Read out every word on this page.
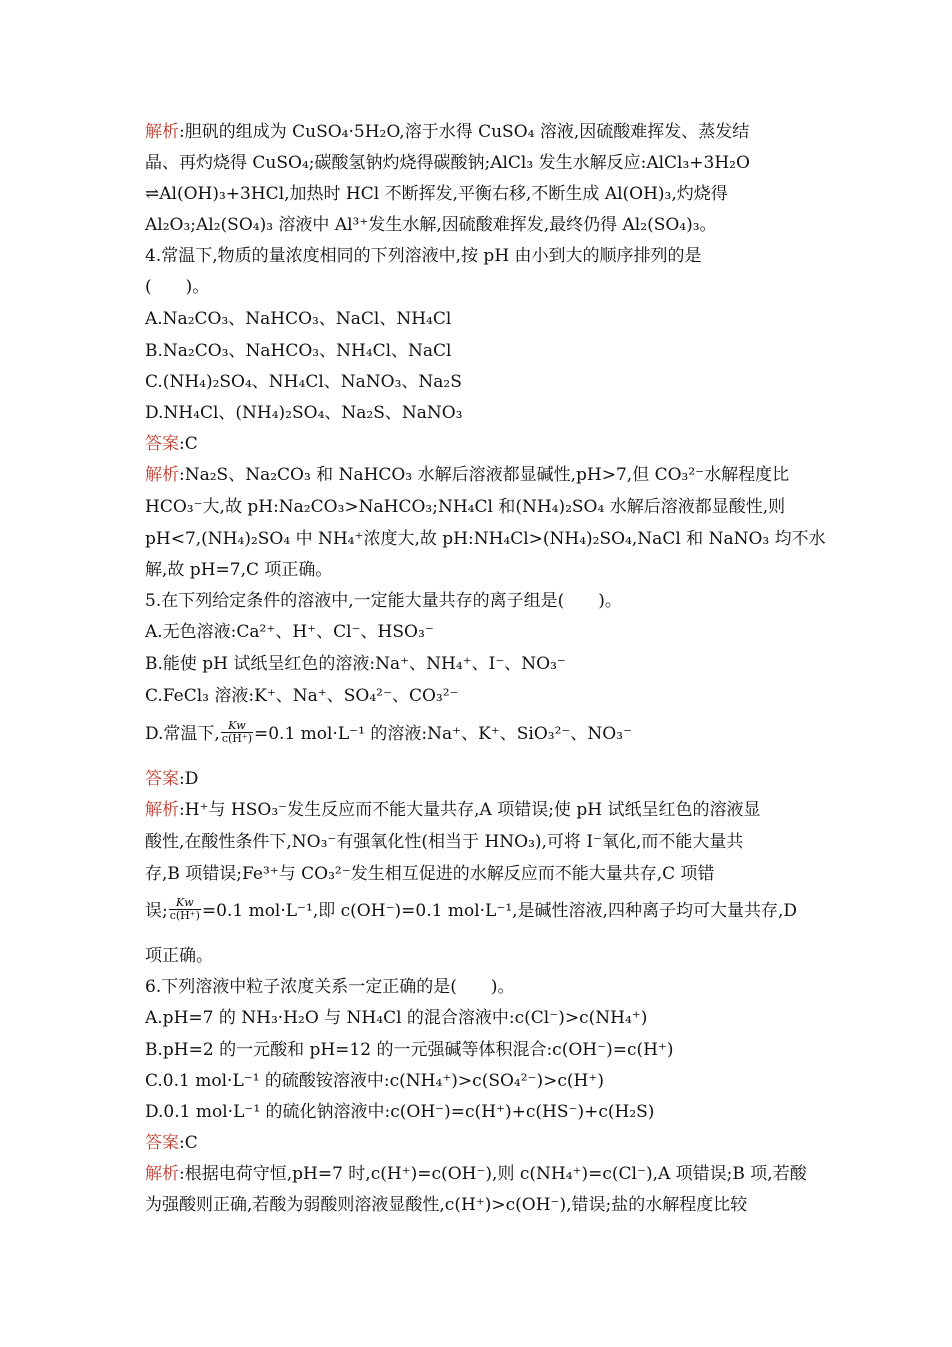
解析:胆矾的组成为 CuSO₄·5H₂O,溶于水得 CuSO₄ 溶液,因硫酸难挥发、蒸发结
晶、再灼烧得 CuSO₄;碳酸氢钠灼烧得碳酸钠;AlCl₃ 发生水解反应:AlCl₃+3H₂O
⇌Al(OH)₃+3HCl,加热时 HCl 不断挥发,平衡右移,不断生成 Al(OH)₃,灼烧得
Al₂O₃;Al₂(SO₄)₃ 溶液中 Al³⁺发生水解,因硫酸难挥发,最终仍得 Al₂(SO₄)₃。
4.常温下,物质的量浓度相同的下列溶液中,按 pH 由小到大的顺序排列的是
(　　)。
A.Na₂CO₃、NaHCO₃、NaCl、NH₄Cl
B.Na₂CO₃、NaHCO₃、NH₄Cl、NaCl
C.(NH₄)₂SO₄、NH₄Cl、NaNO₃、Na₂S
D.NH₄Cl、(NH₄)₂SO₄、Na₂S、NaNO₃
答案:C
解析:Na₂S、Na₂CO₃ 和 NaHCO₃ 水解后溶液都显碱性,pH>7,但 CO₃²⁻水解程度比
HCO₃⁻大,故 pH:Na₂CO₃>NaHCO₃;NH₄Cl 和(NH₄)₂SO₄ 水解后溶液都显酸性,则
pH<7,(NH₄)₂SO₄ 中 NH₄⁺浓度大,故 pH:NH₄Cl>(NH₄)₂SO₄,NaCl 和 NaNO₃ 均不水
解,故 pH=7,C 项正确。
5.在下列给定条件的溶液中,一定能大量共存的离子组是(　　)。
A.无色溶液:Ca²⁺、H⁺、Cl⁻、HSO₃⁻
B.能使 pH 试纸呈红色的溶液:Na⁺、NH₄⁺、I⁻、NO₃⁻
C.FeCl₃ 溶液:K⁺、Na⁺、SO₄²⁻、CO₃²⁻
D.常温下, $\frac{Kw}{c(H^+)} =0.1$ mol·L⁻¹ 的溶液:Na⁺、K⁺、SiO₃²⁻、NO₃⁻
答案:D
解析:H⁺与 HSO₃⁻发生反应而不能大量共存,A 项错误;使 pH 试纸呈红色的溶液显
酸性,在酸性条件下,NO₃⁻有强氧化性(相当于 HNO₃),可将 I⁻氧化,而不能大量共
存,B 项错误;Fe³⁺与 CO₃²⁻发生相互促进的水解反应而不能大量共存,C 项错
误; $\frac{Kw}{c(H^+)} =0.1$ mol·L⁻¹,即 c(OH⁻)=0.1 mol·L⁻¹,是碱性溶液,四种离子均可大量共存,D
项正确。
6.下列溶液中粒子浓度关系一定正确的是(　　)。
A.pH=7 的 NH₃·H₂O 与 NH₄Cl 的混合溶液中:c(Cl⁻)>c(NH₄⁺)
B.pH=2 的一元酸和 pH=12 的一元强碱等体积混合:c(OH⁻)=c(H⁺)
C.0.1 mol·L⁻¹ 的硫酸铵溶液中:c(NH₄⁺)>c(SO₄²⁻)>c(H⁺)
D.0.1 mol·L⁻¹ 的硫化钠溶液中:c(OH⁻)=c(H⁺)+c(HS⁻)+c(H₂S)
答案:C
解析:根据电荷守恒,pH=7 时,c(H⁺)=c(OH⁻),则 c(NH₄⁺)=c(Cl⁻),A 项错误;B 项,若酸
为强酸则正确,若酸为弱酸则溶液显酸性,c(H⁺)>c(OH⁻),错误;盐的水解程度比较
